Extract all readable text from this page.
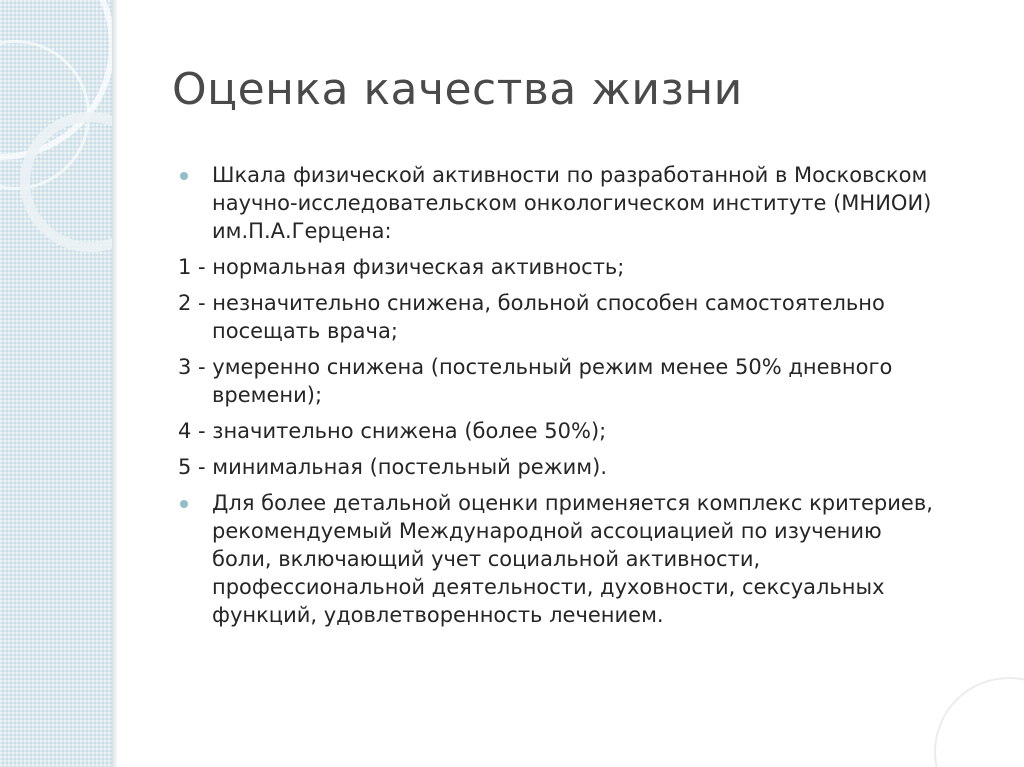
Оценка качества жизни

Шкала физической активности по разработанной в Московском научно-исследовательском онкологическом институте (МНИОИ) им.П.А.Герцена:

1 - нормальная физическая активность;

2 - незначительно снижена, больной способен самостоятельно посещать врача;

3 - умеренно снижена (постельный режим менее 50% дневного времени);

4 - значительно снижена (более 50%);

5 - минимальная (постельный режим).

Для более детальной оценки применяется комплекс критериев, рекомендуемый Международной ассоциацией по изучению боли, включающий учет социальной активности, профессиональной деятельности, духовности, сексуальных функций, удовлетворенность лечением.
